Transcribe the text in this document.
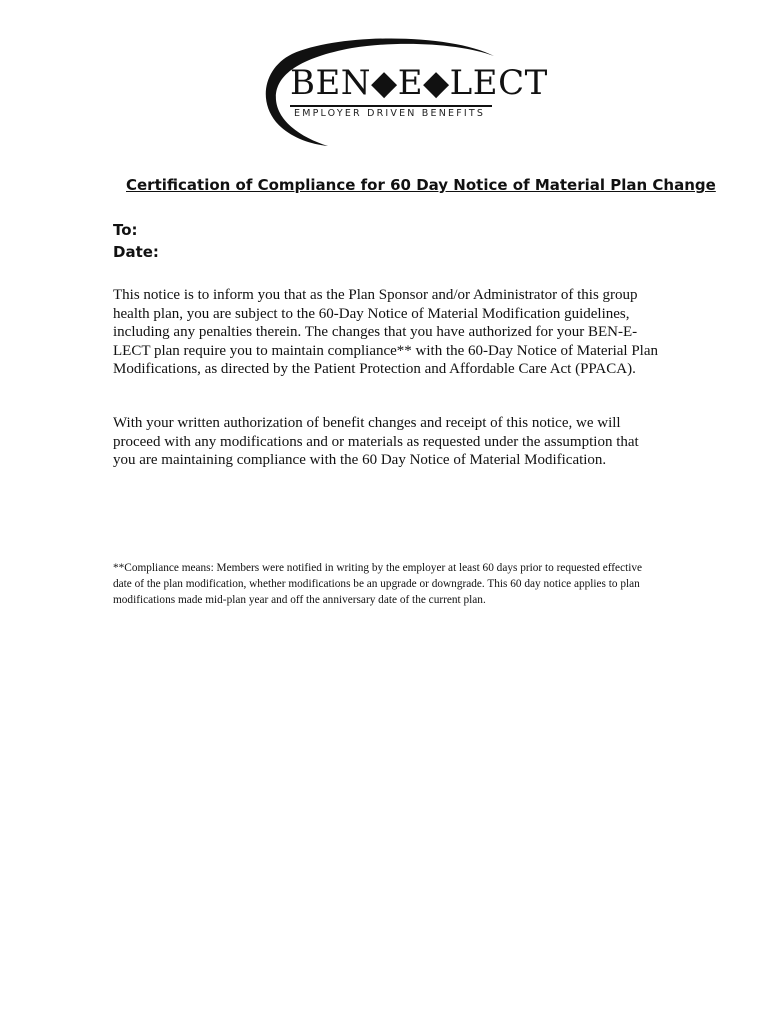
BEN◆E◆LECT
EMPLOYER DRIVEN BENEFITS
Certification of Compliance for 60 Day Notice of Material Plan Change
To:
Date:

This notice is to inform you that as the Plan Sponsor and/or Administrator of this group health plan, you are subject to the 60-Day Notice of Material Modification guidelines, including any penalties therein. The changes that you have authorized for your BEN-E-LECT plan require you to maintain compliance** with the 60-Day Notice of Material Plan Modifications, as directed by the Patient Protection and Affordable Care Act (PPACA).

With your written authorization of benefit changes and receipt of this notice, we will proceed with any modifications and or materials as requested under the assumption that you are maintaining compliance with the 60 Day Notice of Material Modification.

**Compliance means: Members were notified in writing by the employer at least 60 days prior to requested effective date of the plan modification, whether modifications be an upgrade or downgrade. This 60 day notice applies to plan modifications made mid-plan year and off the anniversary date of the current plan.
